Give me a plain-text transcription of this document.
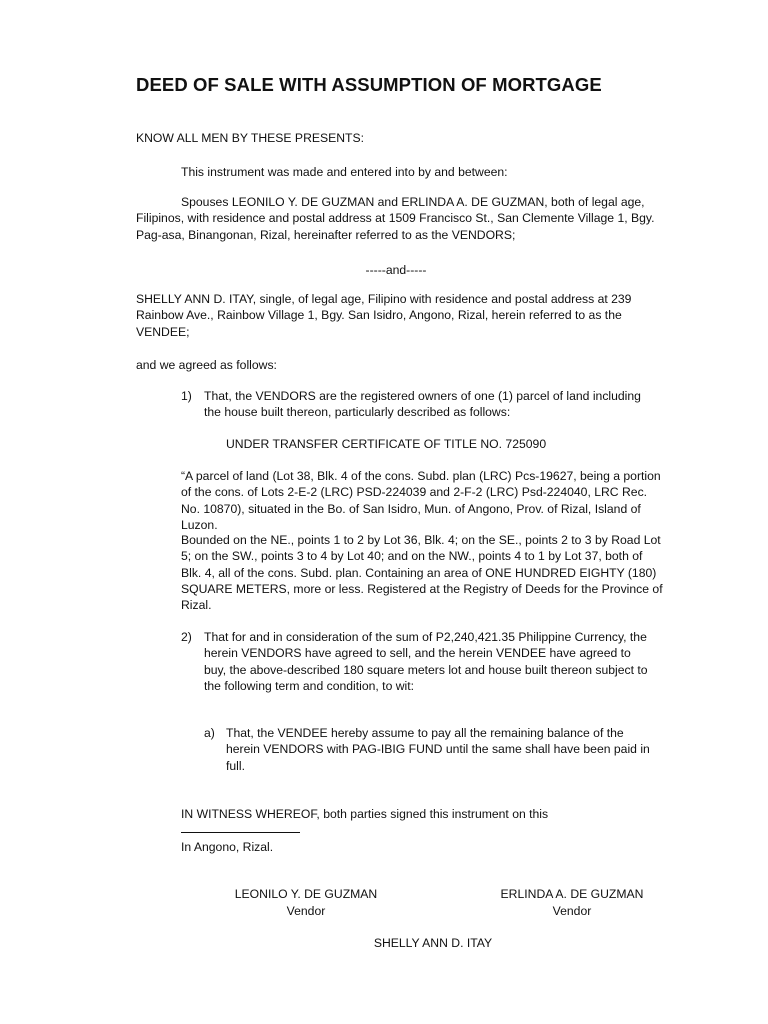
DEED OF SALE WITH ASSUMPTION OF MORTGAGE
KNOW ALL MEN BY THESE PRESENTS:
This instrument was made and entered into by and between:
Spouses LEONILO Y. DE GUZMAN and ERLINDA A. DE GUZMAN, both of legal age, Filipinos, with residence and postal address at 1509 Francisco St., San Clemente Village 1, Bgy. Pag-asa, Binangonan, Rizal, hereinafter referred to as the VENDORS;
-----and-----
SHELLY ANN D. ITAY, single, of legal age, Filipino with residence and postal address at 239 Rainbow Ave., Rainbow Village 1, Bgy. San Isidro, Angono, Rizal, herein referred to as the VENDEE;
and we agreed as follows:
1) That, the VENDORS are the registered owners of one (1) parcel of land including the house built thereon, particularly described as follows:
UNDER TRANSFER CERTIFICATE OF TITLE NO. 725090
“A parcel of land (Lot 38, Blk. 4 of the cons. Subd. plan (LRC) Pcs-19627, being a portion of the cons. of Lots 2-E-2 (LRC) PSD-224039 and 2-F-2 (LRC) Psd-224040, LRC Rec. No. 10870), situated in the Bo. of San Isidro, Mun. of Angono, Prov. of Rizal, Island of Luzon.
Bounded on the NE., points 1 to 2 by Lot 36, Blk. 4; on the SE., points 2 to 3 by Road Lot 5; on the SW., points 3 to 4 by Lot 40; and on the NW., points 4 to 1 by Lot 37, both of Blk. 4, all of the cons. Subd. plan. Containing an area of ONE HUNDRED EIGHTY (180) SQUARE METERS, more or less. Registered at the Registry of Deeds for the Province of Rizal.
2) That for and in consideration of the sum of P2,240,421.35 Philippine Currency, the herein VENDORS have agreed to sell, and the herein VENDEE have agreed to buy, the above-described 180 square meters lot and house built thereon subject to the following term and condition, to wit:
a) That, the VENDEE hereby assume to pay all the remaining balance of the herein VENDORS with PAG-IBIG FUND until the same shall have been paid in full.
IN WITNESS WHEREOF, both parties signed this instrument on this
In Angono, Rizal.
LEONILO Y. DE GUZMAN
Vendor
ERLINDA A. DE GUZMAN
Vendor
SHELLY ANN D. ITAY
